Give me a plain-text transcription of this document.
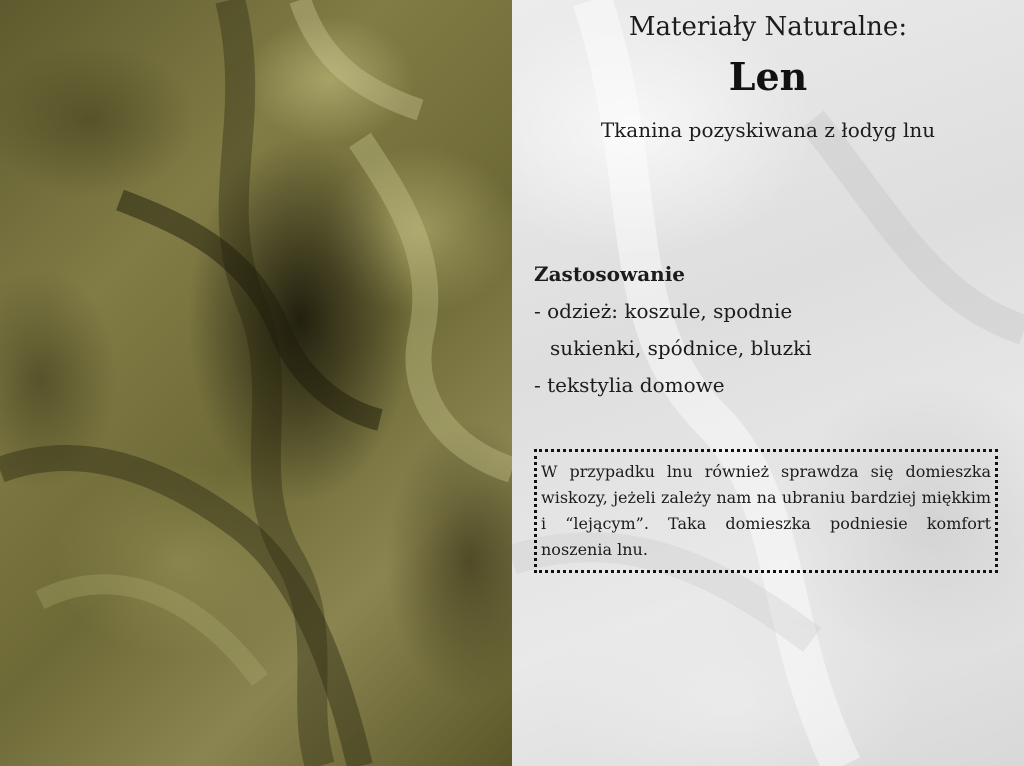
Materiały Naturalne:
Len
Tkanina pozyskiwana z łodyg lnu
Zastosowanie
- odzież: koszule, spodnie
sukienki, spódnice, bluzki
- tekstylia domowe
W przypadku lnu również sprawdza się domieszka wiskozy, jeżeli zależy nam na ubraniu bardziej miękkim i “lejącym”. Taka domieszka podniesie komfort noszenia lnu.
